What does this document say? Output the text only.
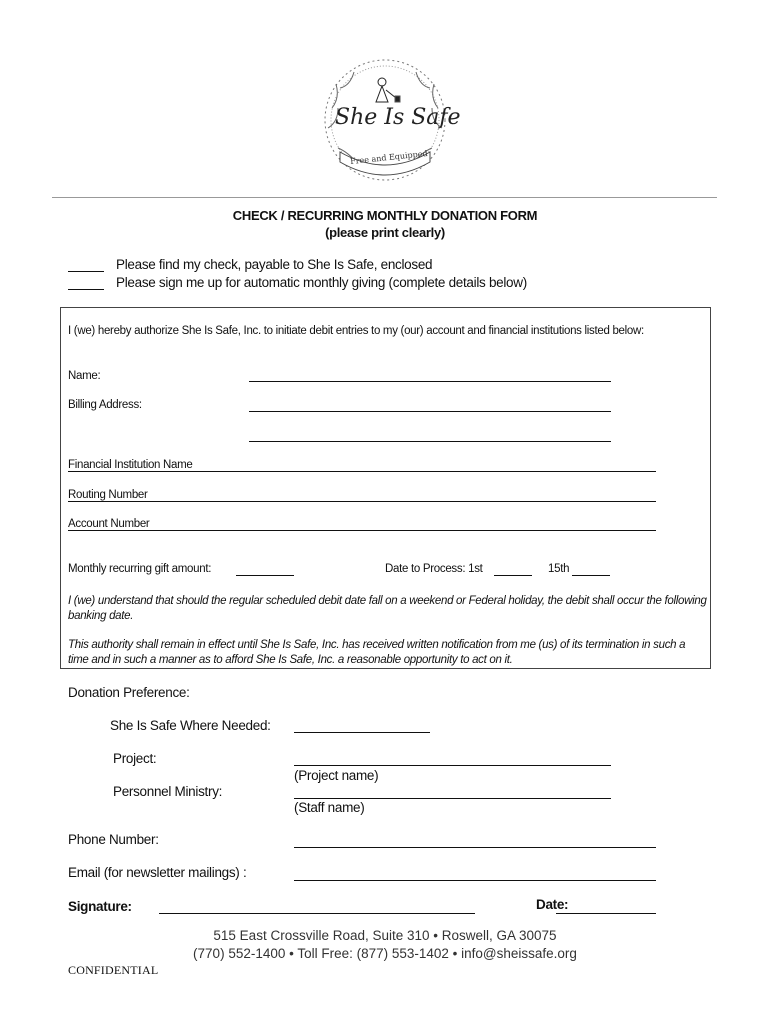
She Is Safe
Free and Equipped
CHECK / RECURRING MONTHLY DONATION FORM
(please print clearly)
Please find my check, payable to She Is Safe, enclosed
Please sign me up for automatic monthly giving (complete details below)
I (we) hereby authorize She Is Safe, Inc. to initiate debit entries to my (our) account and financial institutions listed below:
Name:
Billing Address:
Financial Institution Name
Routing Number
Account Number
Monthly recurring gift amount:	Date to Process: 1st	15th
I (we) understand that should the regular scheduled debit date fall on a weekend or Federal holiday, the debit shall occur the following banking date.
This authority shall remain in effect until She Is Safe, Inc. has received written notification from me (us) of its termination in such a time and in such a manner as to afford She Is Safe, Inc. a reasonable opportunity to act on it.
Donation Preference:
She Is Safe Where Needed:
Project:
(Project name)
Personnel Ministry:
(Staff name)
Phone Number:
Email (for newsletter mailings) :
Signature:	Date:
515 East Crossville Road, Suite 310 • Roswell, GA 30075
(770) 552-1400 • Toll Free: (877) 553-1402 • info@sheissafe.org
CONFIDENTIAL
